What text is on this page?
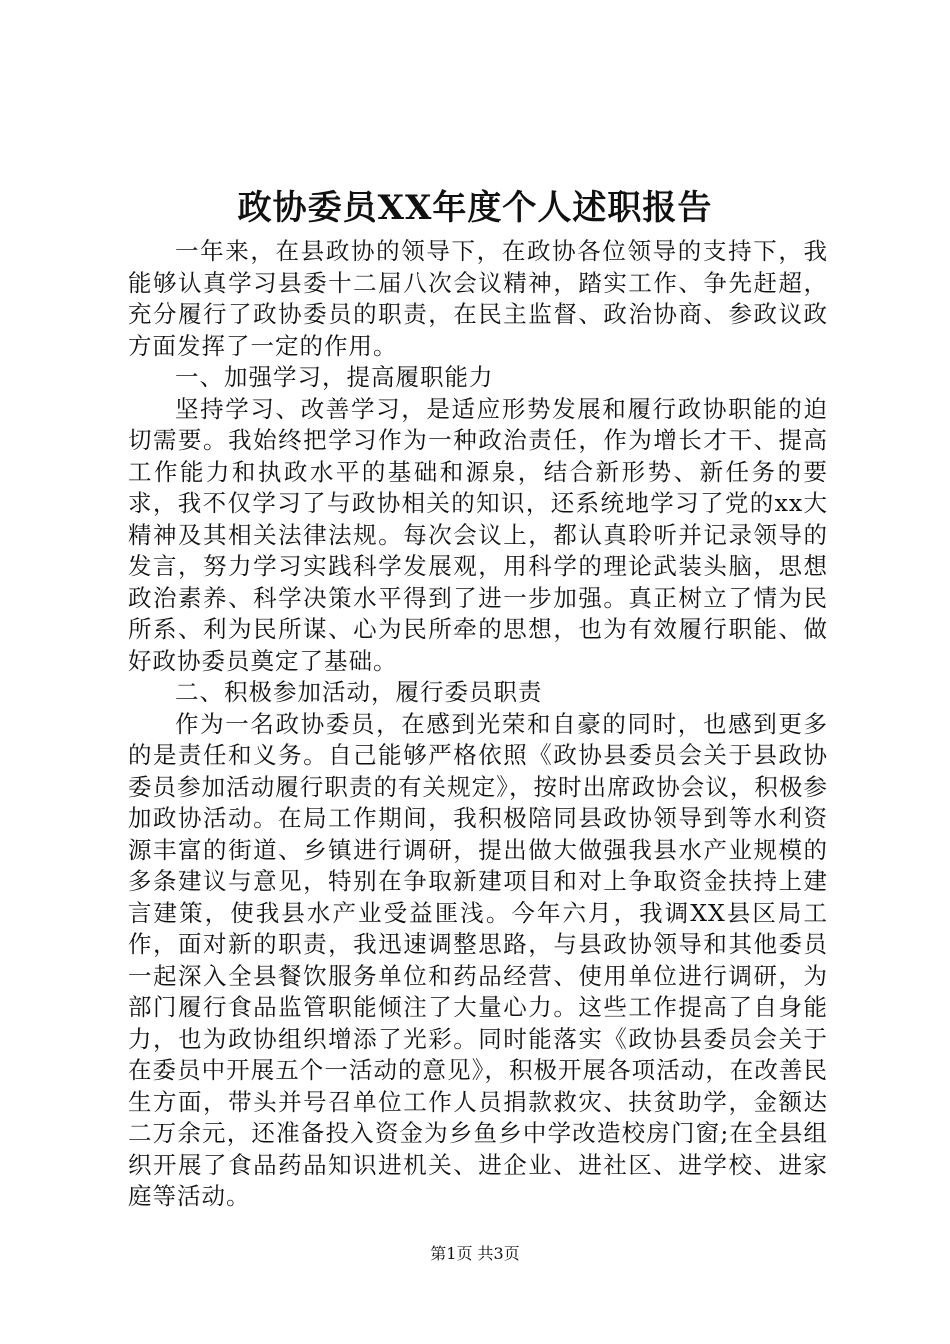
政协委员XX年度个人述职报告

一年来，在县政协的领导下，在政协各位领导的支持下，我能够认真学习县委十二届八次会议精神，踏实工作、争先赶超，充分履行了政协委员的职责，在民主监督、政治协商、参政议政方面发挥了一定的作用。

一、加强学习，提高履职能力

坚持学习、改善学习，是适应形势发展和履行政协职能的迫切需要。我始终把学习作为一种政治责任，作为增长才干、提高工作能力和执政水平的基础和源泉，结合新形势、新任务的要求，我不仅学习了与政协相关的知识，还系统地学习了党的xx大精神及其相关法律法规。每次会议上，都认真聆听并记录领导的发言，努力学习实践科学发展观，用科学的理论武装头脑，思想政治素养、科学决策水平得到了进一步加强。真正树立了情为民所系、利为民所谋、心为民所牵的思想，也为有效履行职能、做好政协委员奠定了基础。

二、积极参加活动，履行委员职责

作为一名政协委员，在感到光荣和自豪的同时，也感到更多的是责任和义务。自己能够严格依照《政协县委员会关于县政协委员参加活动履行职责的有关规定》，按时出席政协会议，积极参加政协活动。在局工作期间，我积极陪同县政协领导到等水利资源丰富的街道、乡镇进行调研，提出做大做强我县水产业规模的多条建议与意见，特别在争取新建项目和对上争取资金扶持上建言建策，使我县水产业受益匪浅。今年六月，我调XX县区局工作，面对新的职责，我迅速调整思路，与县政协领导和其他委员一起深入全县餐饮服务单位和药品经营、使用单位进行调研，为部门履行食品监管职能倾注了大量心力。这些工作提高了自身能力，也为政协组织增添了光彩。同时能落实《政协县委员会关于在委员中开展五个一活动的意见》，积极开展各项活动，在改善民生方面，带头并号召单位工作人员捐款救灾、扶贫助学，金额达二万余元，还准备投入资金为乡鱼乡中学改造校房门窗;在全县组织开展了食品药品知识进机关、进企业、进社区、进学校、进家庭等活动。

第1页 共3页
